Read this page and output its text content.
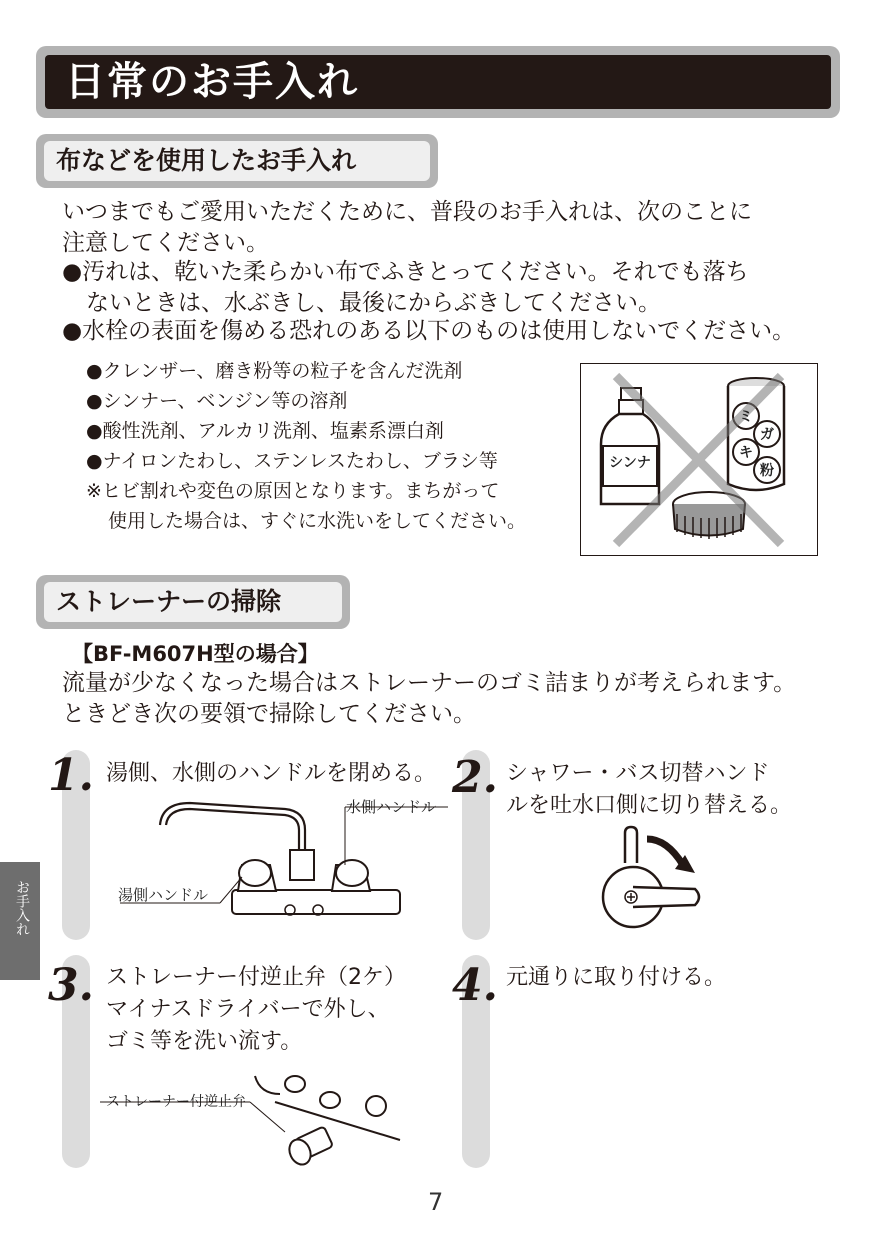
日常のお手入れ
布などを使用したお手入れ
いつまでもご愛用いただくために、普段のお手入れは、次のことに
注意してください。
●汚れは、乾いた柔らかい布でふきとってください。それでも落ち
ないときは、水ぶきし、最後にからぶきしてください。
●水栓の表面を傷める恐れのある以下のものは使用しないでください。
●クレンザー、磨き粉等の粒子を含んだ洗剤
●シンナー、ベンジン等の溶剤
●酸性洗剤、アルカリ洗剤、塩素系漂白剤
●ナイロンたわし、ステンレスたわし、ブラシ等
※ヒビ割れや変色の原因となります。まちがって
使用した場合は、すぐに水洗いをしてください。
シンナ
ミ
ガ
キ
粉
ストレーナーの掃除
【BF-M607H型の場合】
流量が少なくなった場合はストレーナーのゴミ詰まりが考えられます。
ときどき次の要領で掃除してください。
1. 湯側、水側のハンドルを閉める。
水側ハンドル
湯側ハンドル
2. シャワー・バス切替ハンド
ルを吐水口側に切り替える。
3. ストレーナー付逆止弁（2ケ）
マイナスドライバーで外し、
ゴミ等を洗い流す。
ストレーナー付逆止弁
4. 元通りに取り付ける。
お手入れ
7
